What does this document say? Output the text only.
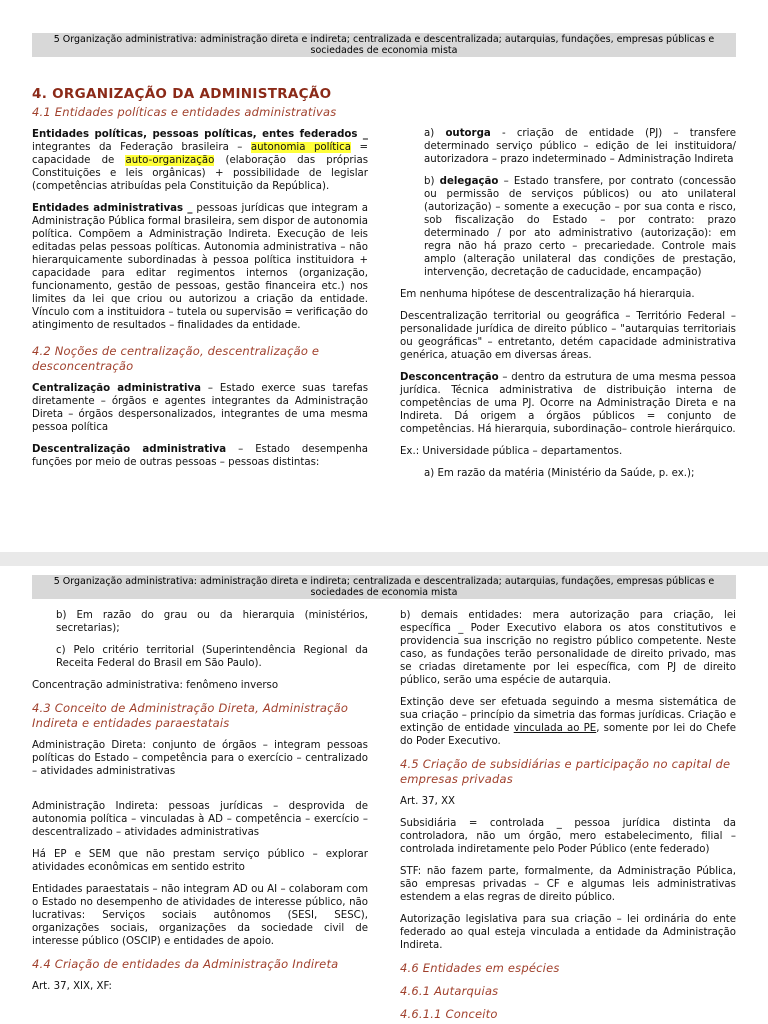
5 Organização administrativa: administração direta e indireta; centralizada e descentralizada; autarquias, fundações, empresas públicas e sociedades de economia mista
4. ORGANIZAÇÃO DA ADMINISTRAÇÃO
4.1 Entidades políticas e entidades administrativas

Entidades políticas, pessoas políticas, entes federados _ integrantes da Federação brasileira – autonomia política = capacidade de auto-organização (elaboração das próprias Constituições e leis orgânicas) + possibilidade de legislar (competências atribuídas pela Constituição da República).

Entidades administrativas _ pessoas jurídicas que integram a Administração Pública formal brasileira, sem dispor de autonomia política. Compõem a Administração Indireta. Execução de leis editadas pelas pessoas políticas. Autonomia administrativa – não hierarquicamente subordinadas à pessoa política instituidora + capacidade para editar regimentos internos (organização, funcionamento, gestão de pessoas, gestão financeira etc.) nos limites da lei que criou ou autorizou a criação da entidade. Vínculo com a instituidora – tutela ou supervisão = verificação do atingimento de resultados – finalidades da entidade.

4.2 Noções de centralização, descentralização e desconcentração

Centralização administrativa – Estado exerce suas tarefas diretamente – órgãos e agentes integrantes da Administração Direta – órgãos despersonalizados, integrantes de uma mesma pessoa política

Descentralização administrativa – Estado desempenha funções por meio de outras pessoas – pessoas distintas:

a) outorga - criação de entidade (PJ) – transfere determinado serviço público – edição de lei instituidora/ autorizadora – prazo indeterminado – Administração Indireta

b) delegação – Estado transfere, por contrato (concessão ou permissão de serviços públicos) ou ato unilateral (autorização) – somente a execução – por sua conta e risco, sob fiscalização do Estado – por contrato: prazo determinado / por ato administrativo (autorização): em regra não há prazo certo – precariedade. Controle mais amplo (alteração unilateral das condições de prestação, intervenção, decretação de caducidade, encampação)

Em nenhuma hipótese de descentralização há hierarquia.

Descentralização territorial ou geográfica – Território Federal – personalidade jurídica de direito público – "autarquias territoriais ou geográficas" – entretanto, detém capacidade administrativa genérica, atuação em diversas áreas.

Desconcentração – dentro da estrutura de uma mesma pessoa jurídica. Técnica administrativa de distribuição interna de competências de uma PJ. Ocorre na Administração Direta e na Indireta. Dá origem a órgãos públicos = conjunto de competências. Há hierarquia, subordinação– controle hierárquico.

Ex.: Universidade pública – departamentos.

a) Em razão da matéria (Ministério da Saúde, p. ex.);

5 Organização administrativa: administração direta e indireta; centralizada e descentralizada; autarquias, fundações, empresas públicas e sociedades de economia mista

b) Em razão do grau ou da hierarquia (ministérios, secretarias);

c) Pelo critério territorial (Superintendência Regional da Receita Federal do Brasil em São Paulo).

Concentração administrativa: fenômeno inverso

4.3 Conceito de Administração Direta, Administração Indireta e entidades paraestatais

Administração Direta: conjunto de órgãos – integram pessoas políticas do Estado – competência para o exercício – centralizado – atividades administrativas

Administração Indireta: pessoas jurídicas – desprovida de autonomia política – vinculadas à AD – competência – exercício – descentralizado – atividades administrativas

Há EP e SEM que não prestam serviço público – explorar atividades econômicas em sentido estrito

Entidades paraestatais – não integram AD ou AI – colaboram com o Estado no desempenho de atividades de interesse público, não lucrativas: Serviços sociais autônomos (SESI, SESC), organizações sociais, organizações da sociedade civil de interesse público (OSCIP) e entidades de apoio.

4.4 Criação de entidades da Administração Indireta

Art. 37, XIX, XF:

b) demais entidades: mera autorização para criação, lei específica _ Poder Executivo elabora os atos constitutivos e providencia sua inscrição no registro público competente. Neste caso, as fundações terão personalidade de direito privado, mas se criadas diretamente por lei específica, com PJ de direito público, serão uma espécie de autarquia.

Extinção deve ser efetuada seguindo a mesma sistemática de sua criação – princípio da simetria das formas jurídicas. Criação e extinção de entidade vinculada ao PE, somente por lei do Chefe do Poder Executivo.

4.5 Criação de subsidiárias e participação no capital de empresas privadas

Art. 37, XX

Subsidiária = controlada _ pessoa jurídica distinta da controladora, não um órgão, mero estabelecimento, filial – controlada indiretamente pelo Poder Público (ente federado)

STF: não fazem parte, formalmente, da Administração Pública, são empresas privadas – CF e algumas leis administrativas estendem a elas regras de direito público.

Autorização legislativa para sua criação – lei ordinária do ente federado ao qual esteja vinculada a entidade da Administração Indireta.

4.6 Entidades em espécies
4.6.1 Autarquias
4.6.1.1 Conceito
